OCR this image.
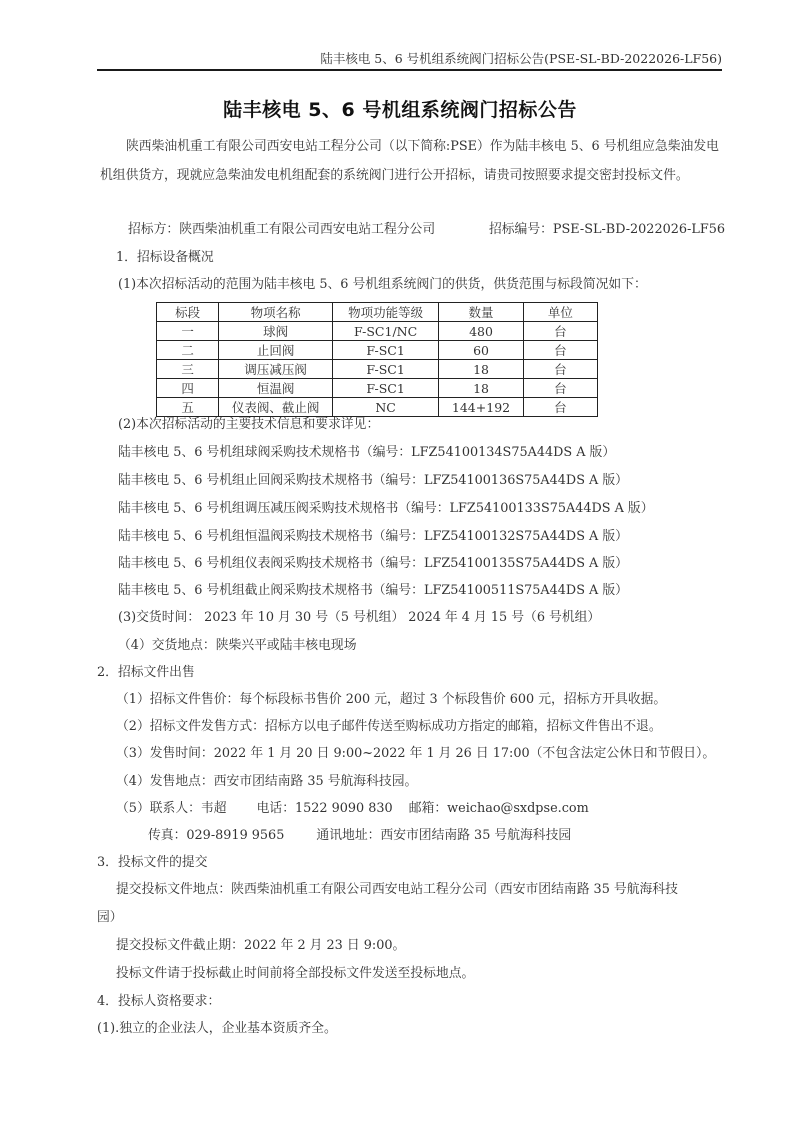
陆丰核电 5、6 号机组系统阀门招标公告(PSE-SL-BD-2022026-LF56)
陆丰核电 5、6 号机组系统阀门招标公告
陕西柴油机重工有限公司西安电站工程分公司（以下简称:PSE）作为陆丰核电 5、6 号机组应急柴油发电机组供货方，现就应急柴油发电机组配套的系统阀门进行公开招标，请贵司按照要求提交密封投标文件。
招标方：陕西柴油机重工有限公司西安电站工程分公司	招标编号：PSE-SL-BD-2022026-LF56
1．招标设备概况
(1)本次招标活动的范围为陆丰核电 5、6 号机组系统阀门的供货，供货范围与标段简况如下：
标段	物项名称	物项功能等级	数量	单位
一	球阀	F-SC1/NC	480	台
二	止回阀	F-SC1	60	台
三	调压减压阀	F-SC1	18	台
四	恒温阀	F-SC1	18	台
五	仪表阀、截止阀	NC	144+192	台
(2)本次招标活动的主要技术信息和要求详见：
陆丰核电 5、6 号机组球阀采购技术规格书（编号：LFZ54100134S75A44DS A 版）
陆丰核电 5、6 号机组止回阀采购技术规格书（编号：LFZ54100136S75A44DS A 版）
陆丰核电 5、6 号机组调压减压阀采购技术规格书（编号：LFZ54100133S75A44DS A 版）
陆丰核电 5、6 号机组恒温阀采购技术规格书（编号：LFZ54100132S75A44DS A 版）
陆丰核电 5、6 号机组仪表阀采购技术规格书（编号：LFZ54100135S75A44DS A 版）
陆丰核电 5、6 号机组截止阀采购技术规格书（编号：LFZ54100511S75A44DS A 版）
(3)交货时间： 2023 年 10 月 30 号（5 号机组） 2024 年 4 月 15 号（6 号机组）
（4）交货地点：陕柴兴平或陆丰核电现场
2．招标文件出售
（1）招标文件售价：每个标段标书售价 200 元，超过 3 个标段售价 600 元，招标方开具收据。
（2）招标文件发售方式：招标方以电子邮件传送至购标成功方指定的邮箱，招标文件售出不退。
（3）发售时间：2022 年 1 月 20 日 9:00~2022 年 1 月 26 日 17:00（不包含法定公休日和节假日）。
（4）发售地点：西安市团结南路 35 号航海科技园。
（5）联系人：韦超 电话：1522 9090 830 邮箱：weichao@sxdpse.com
传真：029-8919 9565	通讯地址：西安市团结南路 35 号航海科技园
3．投标文件的提交
提交投标文件地点：陕西柴油机重工有限公司西安电站工程分公司（西安市团结南路 35 号航海科技
园）
提交投标文件截止期：2022 年 2 月 23 日 9:00。
投标文件请于投标截止时间前将全部投标文件发送至投标地点。
4．投标人资格要求：
(1).独立的企业法人，企业基本资质齐全。
